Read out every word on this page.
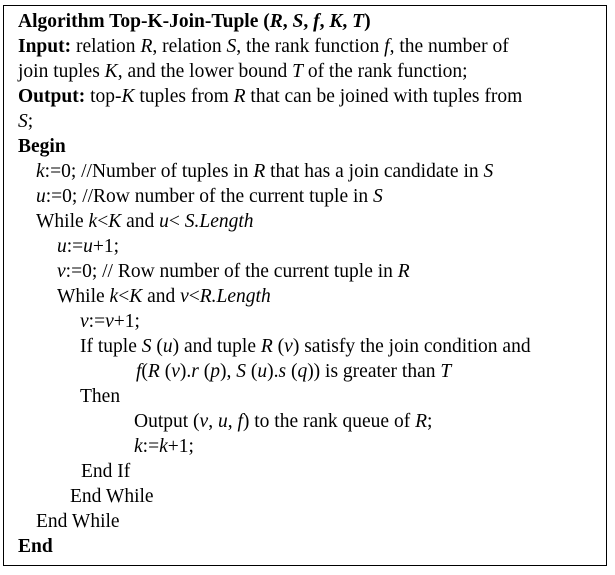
Algorithm Top-K-Join-Tuple (R, S, f, K, T)
Input: relation R, relation S, the rank function f, the number of
join tuples K, and the lower bound T of the rank function;
Output: top-K tuples from R that can be joined with tuples from
S;
Begin
k:=0; //Number of tuples in R that has a join candidate in S
u:=0; //Row number of the current tuple in S
While k<K and u< S.Length
u:=u+1;
v:=0; // Row number of the current tuple in R
While k<K and v<R.Length
v:=v+1;
If tuple S (u) and tuple R (v) satisfy the join condition and
f(R (v).r (p), S (u).s (q)) is greater than T
Then
Output (v, u, f) to the rank queue of R;
k:=k+1;
End If
End While
End While
End
